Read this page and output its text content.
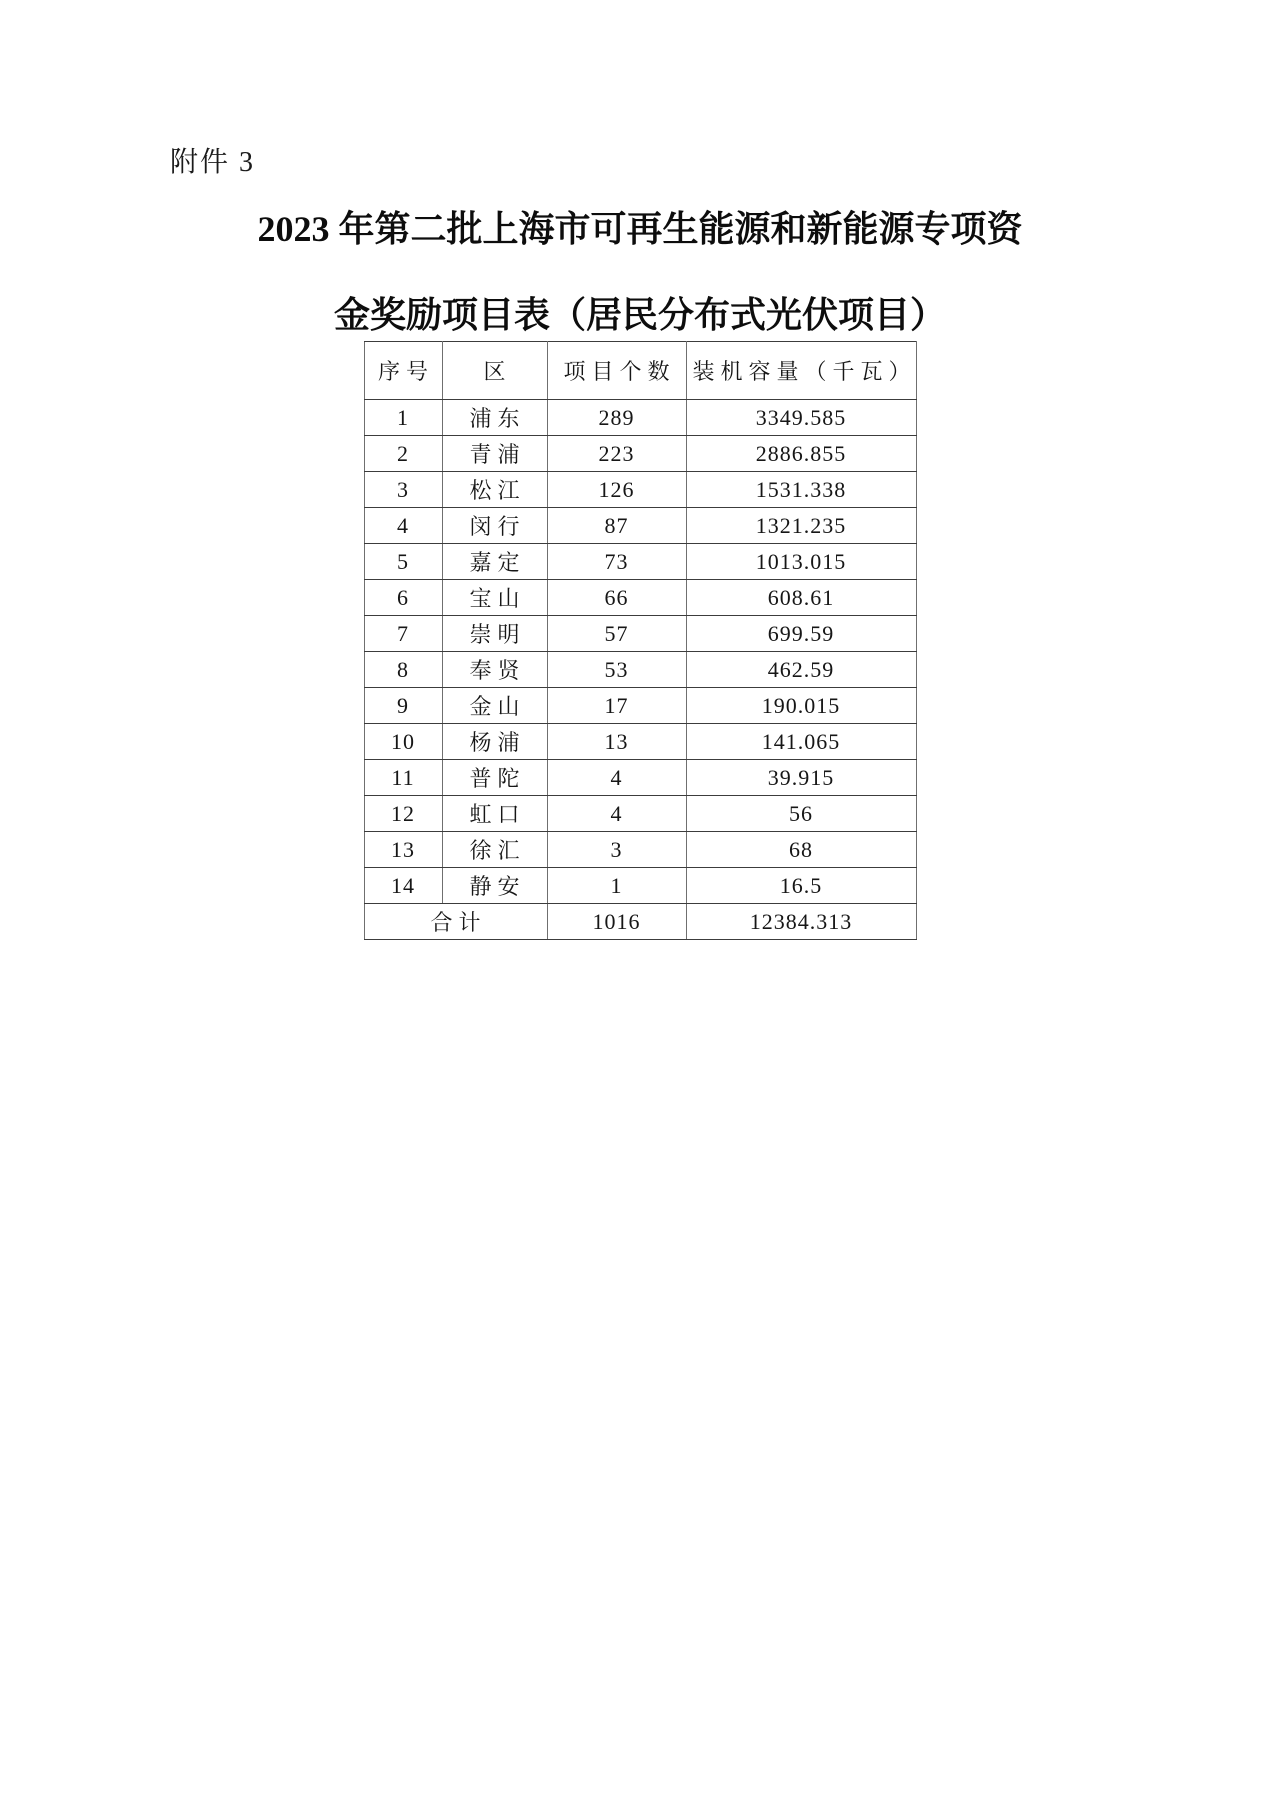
附件 3
2023 年第二批上海市可再生能源和新能源专项资
金奖励项目表（居民分布式光伏项目）
序号	区	项目个数	装机容量（千瓦）
1	浦东	289	3349.585
2	青浦	223	2886.855
3	松江	126	1531.338
4	闵行	87	1321.235
5	嘉定	73	1013.015
6	宝山	66	608.61
7	崇明	57	699.59
8	奉贤	53	462.59
9	金山	17	190.015
10	杨浦	13	141.065
11	普陀	4	39.915
12	虹口	4	56
13	徐汇	3	68
14	静安	1	16.5
合计		1016	12384.313
